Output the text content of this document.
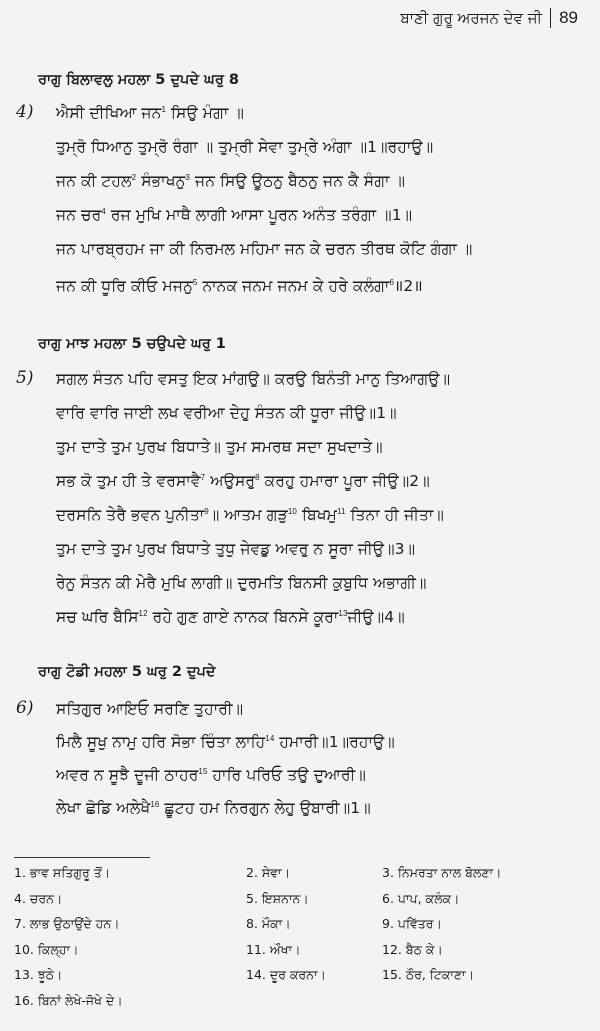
ਬਾਣੀ ਗੁਰੂ ਅਰਜਨ ਦੇਵ ਜੀ 89
ਰਾਗੁ ਬਿਲਾਵਲੁ ਮਹਲਾ 5 ਦੁਪਦੇ ਘਰੁ 8
4) ਐਸੀ ਦੀਖਿਆ ਜਨ$^1$ ਸਿਉ ਮੰਗਾ ॥
ਤੁਮ੍ਰੋ ਧਿਆਨੁ ਤੁਮ੍ਰੋ ਰੰਗਾ ॥ ਤੁਮ੍ਰੀ ਸੇਵਾ ਤੁਮ੍ਰੇ ਅੰਗਾ ॥1॥ਰਹਾਉ॥
ਜਨ ਕੀ ਟਹਲ$^2$ ਸੰਭਾਖਨੁ$^3$ ਜਨ ਸਿਉ ਊਠਨੁ ਬੈਠਨੁ ਜਨ ਕੈ ਸੰਗਾ ॥
ਜਨ ਚਰ$^4$ ਰਜ ਮੁਖਿ ਮਾਥੈ ਲਾਗੀ ਆਸਾ ਪੂਰਨ ਅਨੰਤ ਤਰੰਗਾ ॥1॥
ਜਨ ਪਾਰਬ੍ਰਹਮ ਜਾ ਕੀ ਨਿਰਮਲ ਮਹਿਮਾ ਜਨ ਕੇ ਚਰਨ ਤੀਰਥ ਕੋਟਿ ਗੰਗਾ ॥
ਜਨ ਕੀ ਧੂਰਿ ਕੀਓ ਮਜਨੁ$^5$ ਨਾਨਕ ਜਨਮ ਜਨਮ ਕੇ ਹਰੇ ਕਲੰਗਾ$^6$॥2॥
ਰਾਗੁ ਮਾਝ ਮਹਲਾ 5 ਚਉਪਦੇ ਘਰੁ 1
5) ਸਗਲ ਸੰਤਨ ਪਹਿ ਵਸਤੁ ਇਕ ਮਾਂਗਉ॥ ਕਰਉ ਬਿਨੰਤੀ ਮਾਨੁ ਤਿਆਗਉ॥
ਵਾਰਿ ਵਾਰਿ ਜਾਈ ਲਖ ਵਰੀਆ ਦੇਹੁ ਸੰਤਨ ਕੀ ਧੂਰਾ ਜੀਉ॥1॥
ਤੁਮ ਦਾਤੇ ਤੁਮ ਪੁਰਖ ਬਿਧਾਤੇ॥ ਤੁਮ ਸਮਰਥ ਸਦਾ ਸੁਖਦਾਤੇ॥
ਸਭ ਕੋ ਤੁਮ ਹੀ ਤੇ ਵਰਸਾਵੈ$^7$ ਅਉਸਰੁ$^8$ ਕਰਹੁ ਹਮਾਰਾ ਪੂਰਾ ਜੀਉ॥2॥
ਦਰਸਨਿ ਤੇਰੈ ਭਵਨ ਪੁਨੀਤਾ$^9$॥ ਆਤਮ ਗੜੁ$^{10}$ ਬਿਖਮੁ$^{11}$ ਤਿਨਾ ਹੀ ਜੀਤਾ॥
ਤੁਮ ਦਾਤੇ ਤੁਮ ਪੁਰਖ ਬਿਧਾਤੇ ਤੁਧੁ ਜੇਵਡੁ ਅਵਰੁ ਨ ਸੂਰਾ ਜੀਉ॥3॥
ਰੇਨੁ ਸੰਤਨ ਕੀ ਮੇਰੈ ਮੁਖਿ ਲਾਗੀ॥ ਦੁਰਮਤਿ ਬਿਨਸੀ ਕੁਬੁਧਿ ਅਭਾਗੀ॥
ਸਚ ਘਰਿ ਬੈਸਿ$^{12}$ ਰਹੇ ਗੁਣ ਗਾਏ ਨਾਨਕ ਬਿਨਸੇ ਕੂਰਾ$^{13}$ਜੀਉ॥4॥
ਰਾਗੁ ਟੋਡੀ ਮਹਲਾ 5 ਘਰੁ 2 ਦੁਪਦੇ
6) ਸਤਿਗੁਰ ਆਇਓ ਸਰਣਿ ਤੁਹਾਰੀ॥
ਮਿਲੈ ਸੂਖੁ ਨਾਮੁ ਹਰਿ ਸੋਭਾ ਚਿੰਤਾ ਲਾਹਿ$^{14}$ ਹਮਾਰੀ॥1॥ਰਹਾਉ॥
ਅਵਰ ਨ ਸੂਝੈ ਦੂਜੀ ਠਾਹਰ$^{15}$ ਹਾਰਿ ਪਰਿਓ ਤਉ ਦੁਆਰੀ॥
ਲੇਖਾ ਛੋਡਿ ਅਲੇਖੈ$^{16}$ ਛੂਟਹ ਹਮ ਨਿਰਗੁਨ ਲੇਹੁ ਉਬਾਰੀ॥1॥
1. ਭਾਵ ਸਤਿਗੁਰੂ ਤੋਂ।	2. ਸੇਵਾ।	3. ਨਿਮਰਤਾ ਨਾਲ ਬੋਲਣਾ।
4. ਚਰਨ।	5. ਇਸ਼ਨਾਨ।	6. ਪਾਪ, ਕਲੰਕ।
7. ਲਾਭ ਉਠਾਉਂਦੇ ਹਨ।	8. ਮੌਕਾ।	9. ਪਵਿੱਤਰ।
10. ਕਿਲ੍ਹਾ।	11. ਔਖਾ।	12. ਬੈਠ ਕੇ।
13. ਝੂਠੇ।	14. ਦੂਰ ਕਰਨਾ।	15. ਠੌਰ, ਟਿਕਾਣਾ।
16. ਬਿਨਾਂ ਲੇਖੇ-ਜੋਖੇ ਦੇ।
